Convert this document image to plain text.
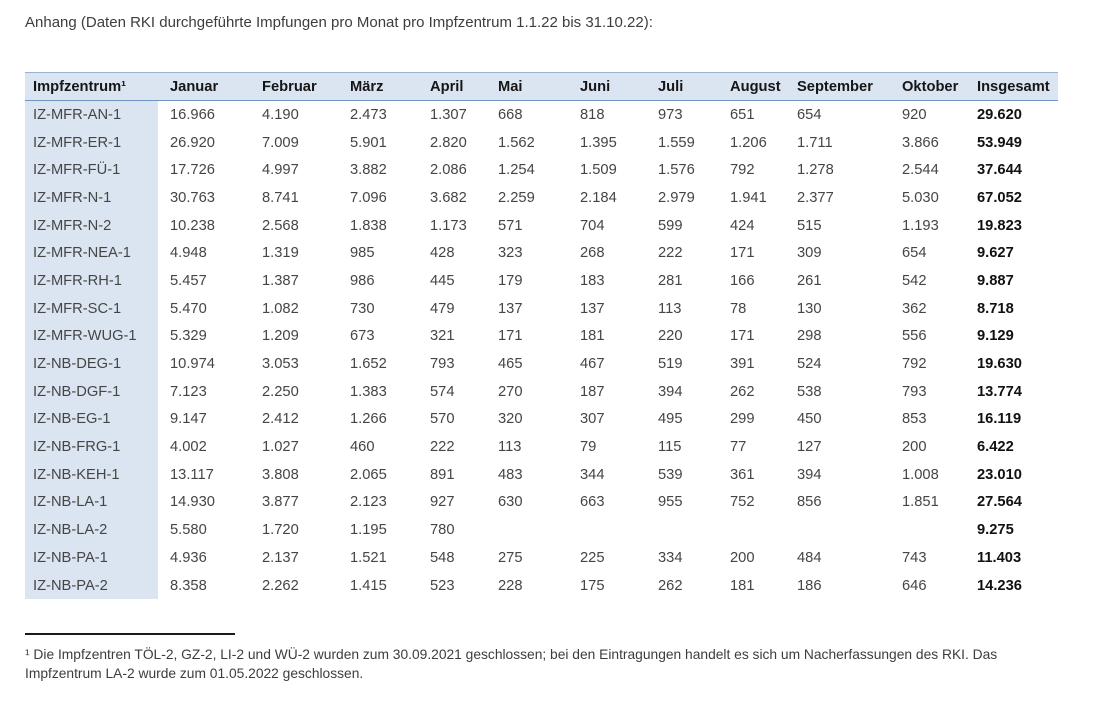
Anhang (Daten RKI durchgeführte Impfungen pro Monat pro Impfzentrum 1.1.22 bis 31.10.22):
Impfzentrum¹	Januar	Februar	März	April	Mai	Juni	Juli	August	September	Oktober	Insgesamt
IZ-MFR-AN-1	16.966	4.190	2.473	1.307	668	818	973	651	654	920	29.620
IZ-MFR-ER-1	26.920	7.009	5.901	2.820	1.562	1.395	1.559	1.206	1.711	3.866	53.949
IZ-MFR-FÜ-1	17.726	4.997	3.882	2.086	1.254	1.509	1.576	792	1.278	2.544	37.644
IZ-MFR-N-1	30.763	8.741	7.096	3.682	2.259	2.184	2.979	1.941	2.377	5.030	67.052
IZ-MFR-N-2	10.238	2.568	1.838	1.173	571	704	599	424	515	1.193	19.823
IZ-MFR-NEA-1	4.948	1.319	985	428	323	268	222	171	309	654	9.627
IZ-MFR-RH-1	5.457	1.387	986	445	179	183	281	166	261	542	9.887
IZ-MFR-SC-1	5.470	1.082	730	479	137	137	113	78	130	362	8.718
IZ-MFR-WUG-1	5.329	1.209	673	321	171	181	220	171	298	556	9.129
IZ-NB-DEG-1	10.974	3.053	1.652	793	465	467	519	391	524	792	19.630
IZ-NB-DGF-1	7.123	2.250	1.383	574	270	187	394	262	538	793	13.774
IZ-NB-EG-1	9.147	2.412	1.266	570	320	307	495	299	450	853	16.119
IZ-NB-FRG-1	4.002	1.027	460	222	113	79	115	77	127	200	6.422
IZ-NB-KEH-1	13.117	3.808	2.065	891	483	344	539	361	394	1.008	23.010
IZ-NB-LA-1	14.930	3.877	2.123	927	630	663	955	752	856	1.851	27.564
IZ-NB-LA-2	5.580	1.720	1.195	780							9.275
IZ-NB-PA-1	4.936	2.137	1.521	548	275	225	334	200	484	743	11.403
IZ-NB-PA-2	8.358	2.262	1.415	523	228	175	262	181	186	646	14.236
¹ Die Impfzentren TÖL-2, GZ-2, LI-2 und WÜ-2 wurden zum 30.09.2021 geschlossen; bei den Eintragungen handelt es sich um Nacherfassungen des RKI. Das Impfzentrum LA-2 wurde zum 01.05.2022 geschlossen.
